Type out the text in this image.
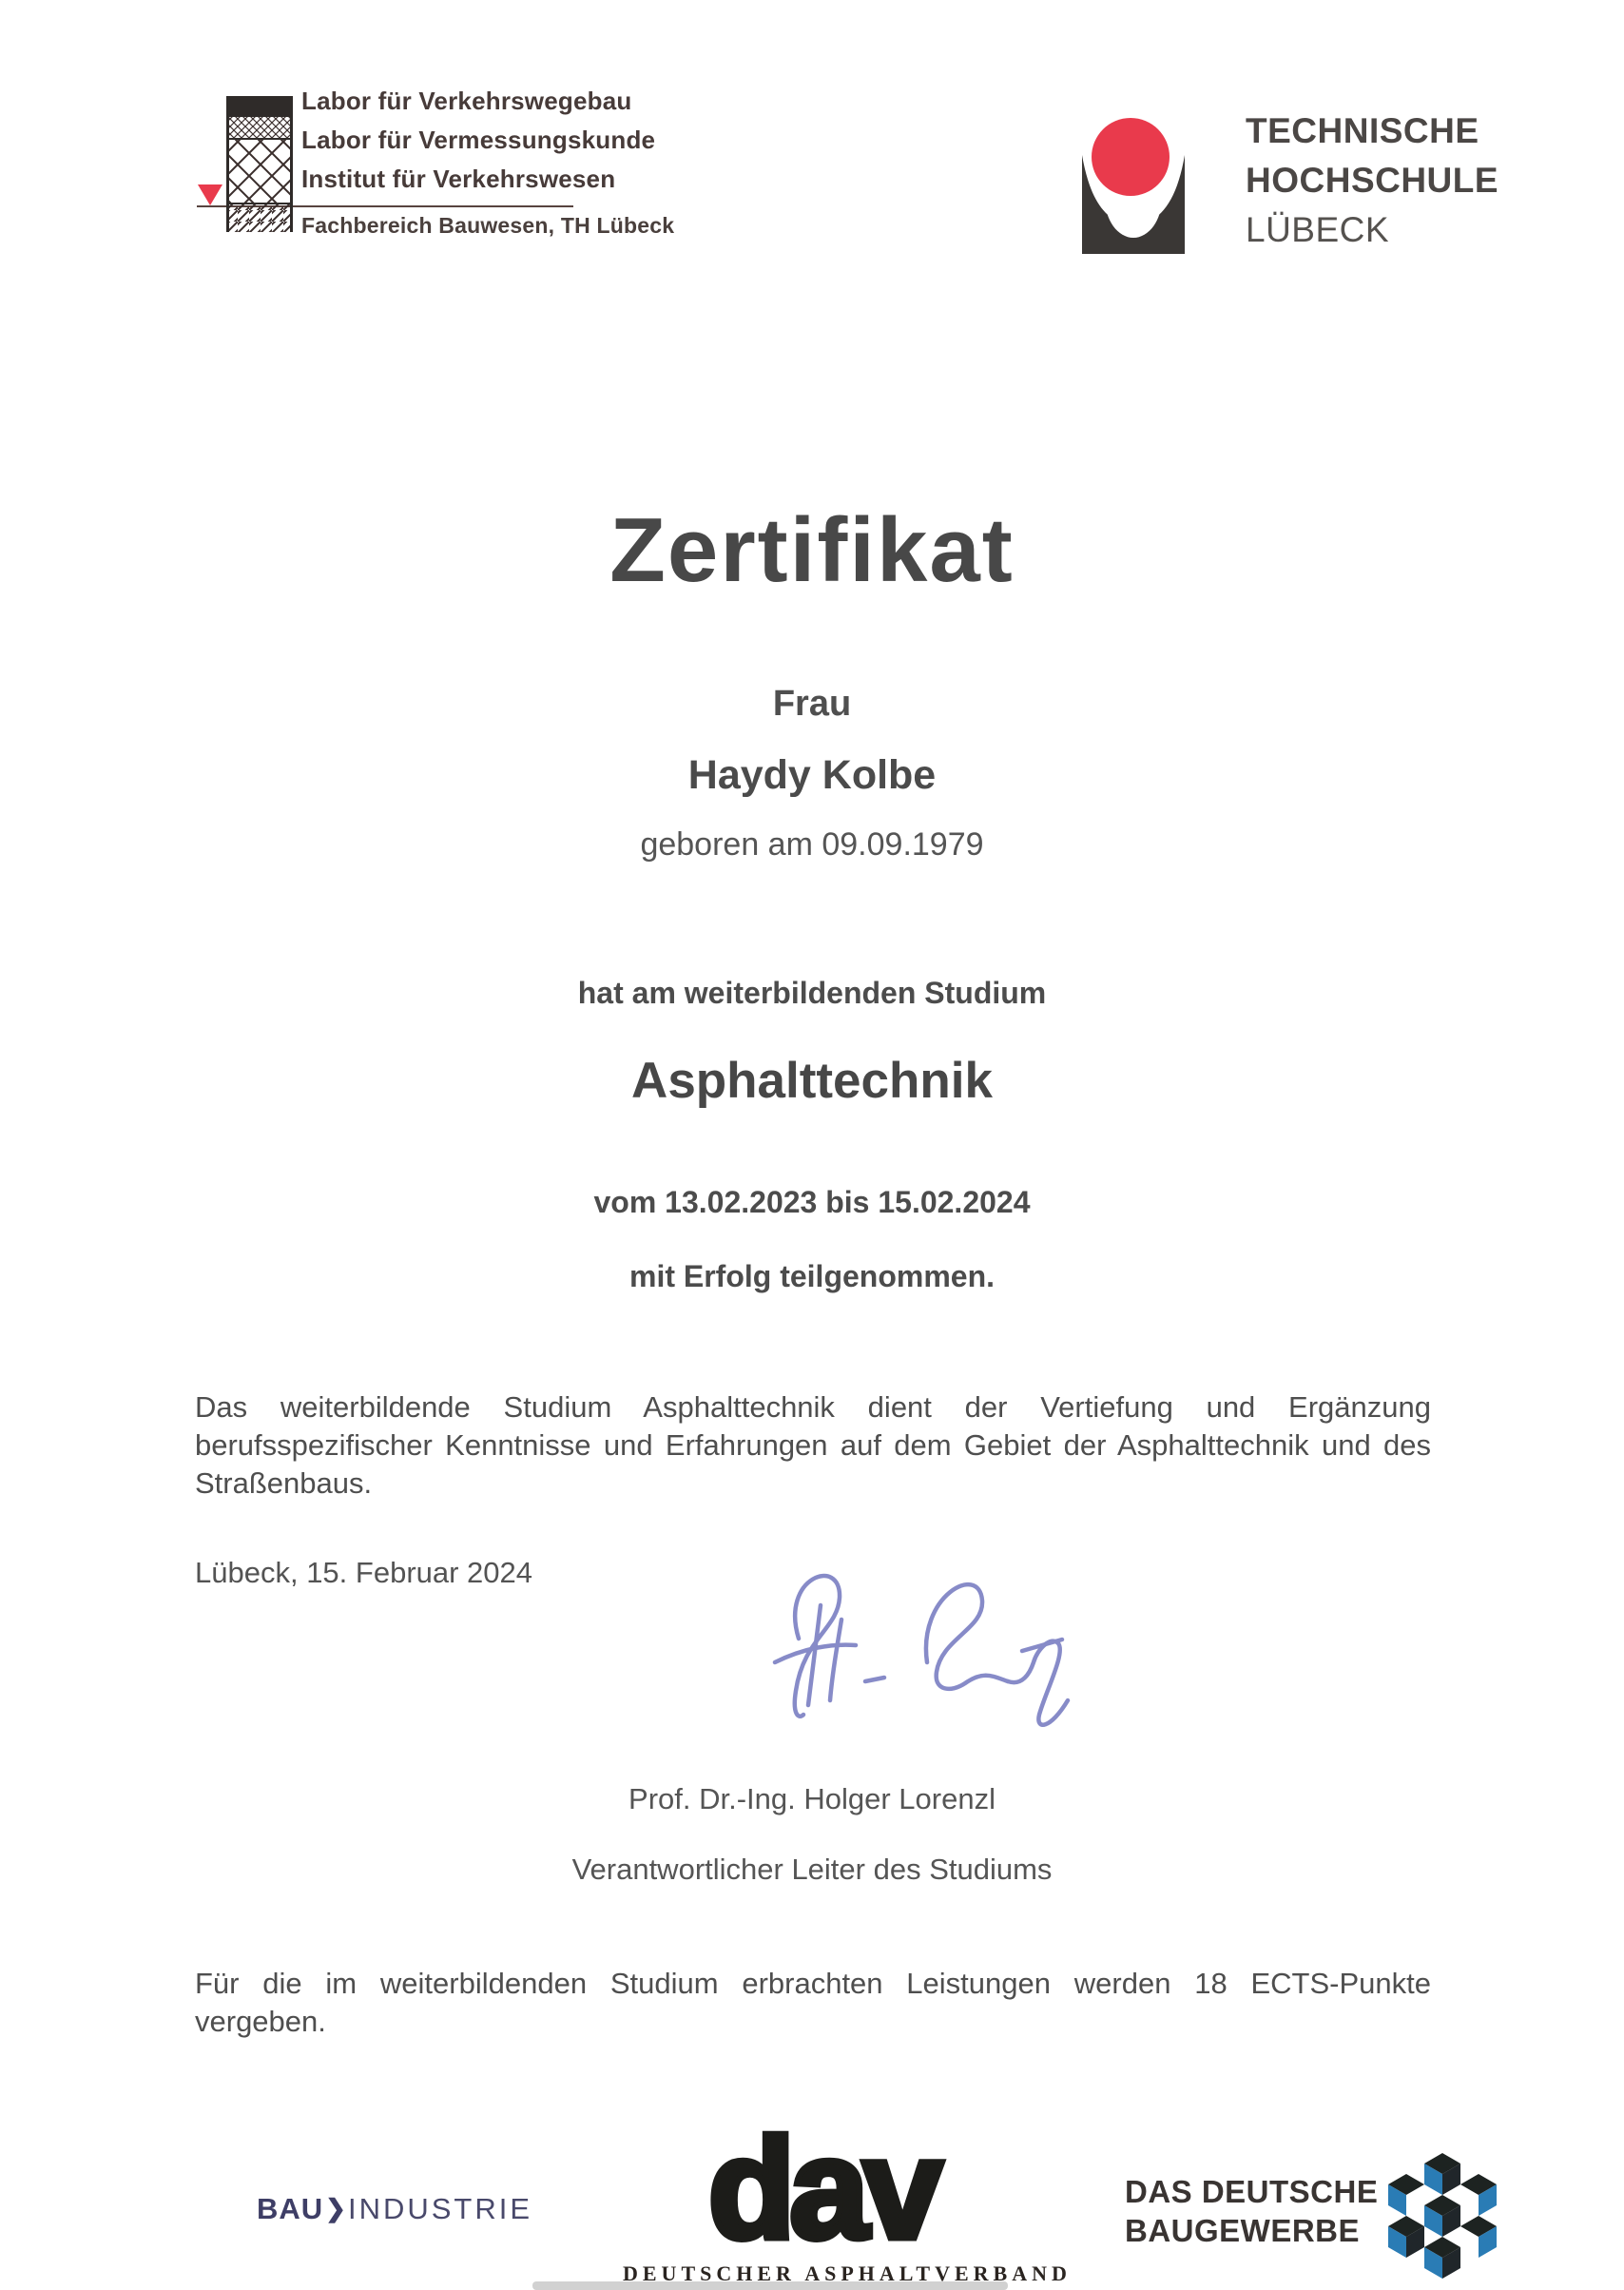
Labor für Verkehrswegebau
Labor für Vermessungskunde
Institut für Verkehrswesen
Fachbereich Bauwesen, TH Lübeck
TECHNISCHE
HOCHSCHULE
LÜBECK
Zertifikat
Frau
Haydy Kolbe
geboren am 09.09.1979
hat am weiterbildenden Studium
Asphalttechnik
vom 13.02.2023 bis 15.02.2024
mit Erfolg teilgenommen.
Das weiterbildende Studium Asphalttechnik dient der Vertiefung und Ergänzung berufsspezifischer Kenntnisse und Erfahrungen auf dem Gebiet der Asphalttechnik und des Straßenbaus.
Lübeck, 15. Februar 2024
Prof. Dr.-Ing. Holger Lorenzl
Verantwortlicher Leiter des Studiums
Für die im weiterbildenden Studium erbrachten Leistungen werden 18 ECTS-Punkte vergeben.
BAU❯INDUSTRIE	dav
DEUTSCHER ASPHALTVERBAND
DAS DEUTSCHE
BAUGEWERBE
